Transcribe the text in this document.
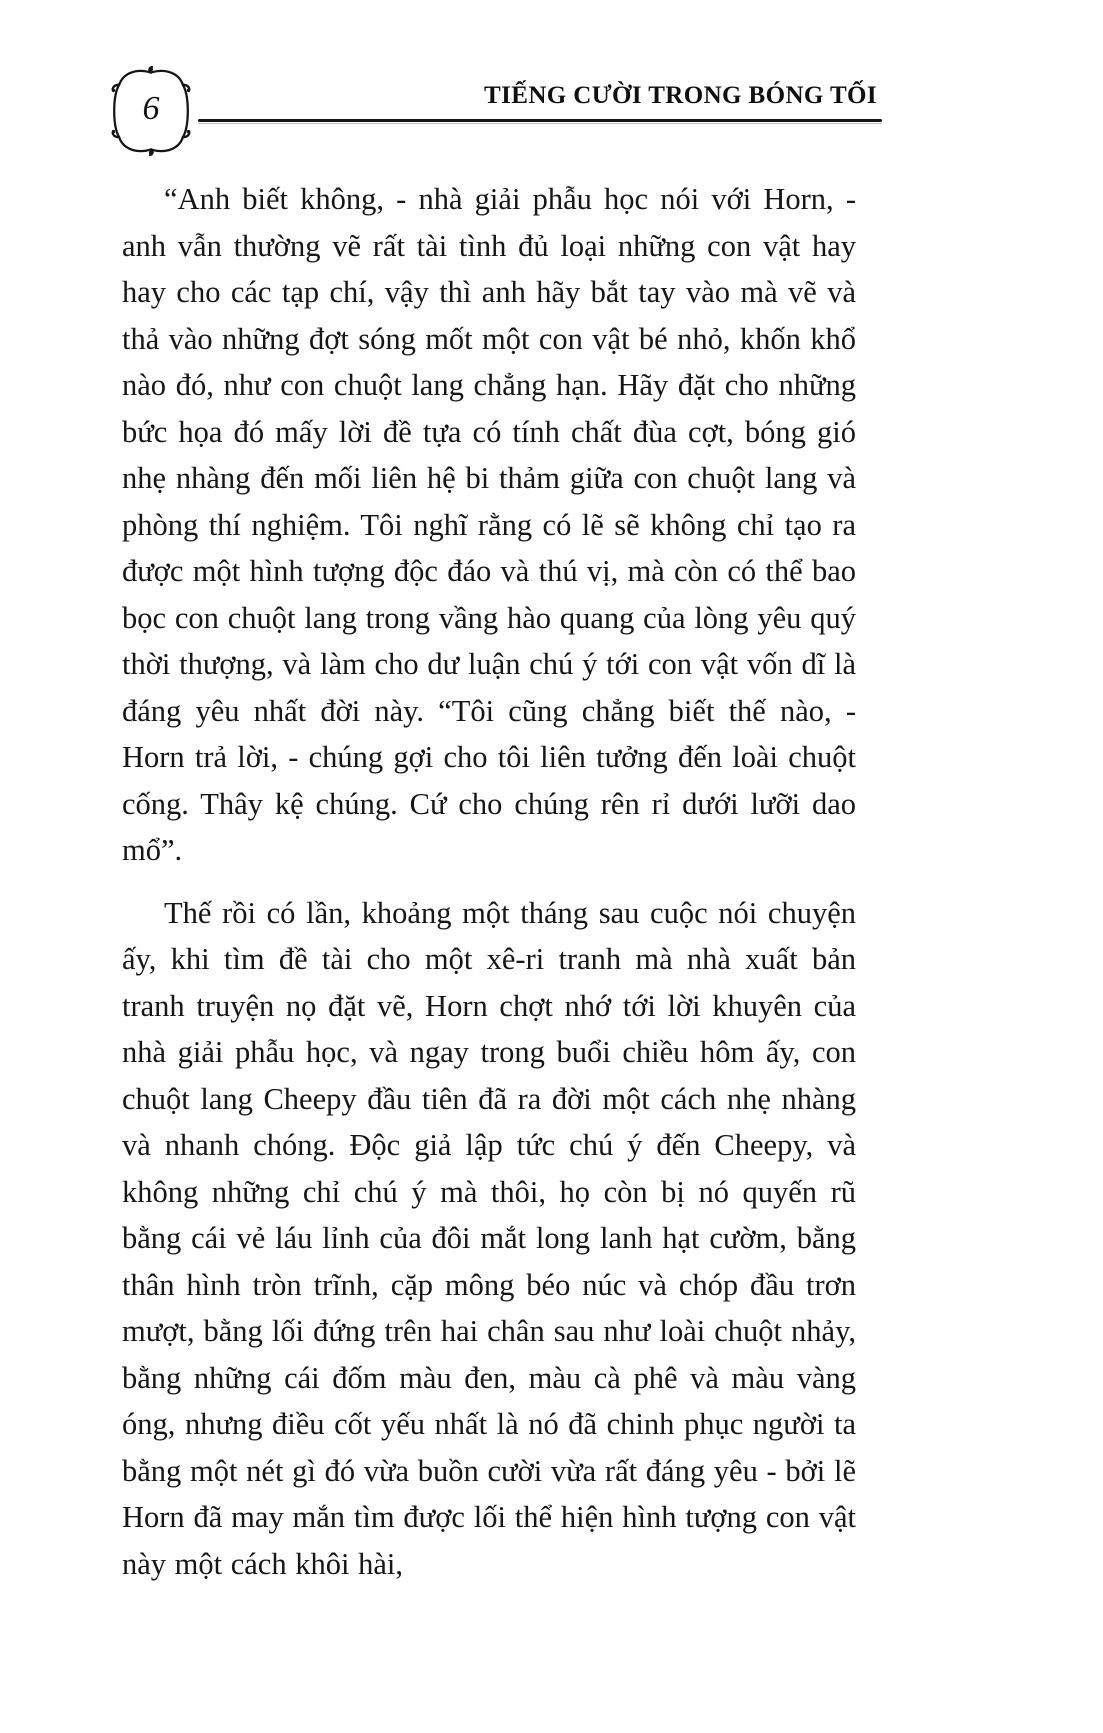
6	TIẾNG CƯỜI TRONG BÓNG TỐI

“Anh biết không, - nhà giải phẫu học nói với Horn, - anh vẫn thường vẽ rất tài tình đủ loại những con vật hay hay cho các tạp chí, vậy thì anh hãy bắt tay vào mà vẽ và thả vào những đợt sóng mốt một con vật bé nhỏ, khốn khổ nào đó, như con chuột lang chẳng hạn. Hãy đặt cho những bức họa đó mấy lời đề tựa có tính chất đùa cợt, bóng gió nhẹ nhàng đến mối liên hệ bi thảm giữa con chuột lang và phòng thí nghiệm. Tôi nghĩ rằng có lẽ sẽ không chỉ tạo ra được một hình tượng độc đáo và thú vị, mà còn có thể bao bọc con chuột lang trong vầng hào quang của lòng yêu quý thời thượng, và làm cho dư luận chú ý tới con vật vốn dĩ là đáng yêu nhất đời này. “Tôi cũng chẳng biết thế nào, - Horn trả lời, - chúng gợi cho tôi liên tưởng đến loài chuột cống. Thây kệ chúng. Cứ cho chúng rên rỉ dưới lưỡi dao mổ”.

Thế rồi có lần, khoảng một tháng sau cuộc nói chuyện ấy, khi tìm đề tài cho một xê-ri tranh mà nhà xuất bản tranh truyện nọ đặt vẽ, Horn chợt nhớ tới lời khuyên của nhà giải phẫu học, và ngay trong buổi chiều hôm ấy, con chuột lang Cheepy đầu tiên đã ra đời một cách nhẹ nhàng và nhanh chóng. Độc giả lập tức chú ý đến Cheepy, và không những chỉ chú ý mà thôi, họ còn bị nó quyến rũ bằng cái vẻ láu lỉnh của đôi mắt long lanh hạt cườm, bằng thân hình tròn trĩnh, cặp mông béo núc và chóp đầu trơn mượt, bằng lối đứng trên hai chân sau như loài chuột nhảy, bằng những cái đốm màu đen, màu cà phê và màu vàng óng, nhưng điều cốt yếu nhất là nó đã chinh phục người ta bằng một nét gì đó vừa buồn cười vừa rất đáng yêu - bởi lẽ Horn đã may mắn tìm được lối thể hiện hình tượng con vật này một cách khôi hài,
